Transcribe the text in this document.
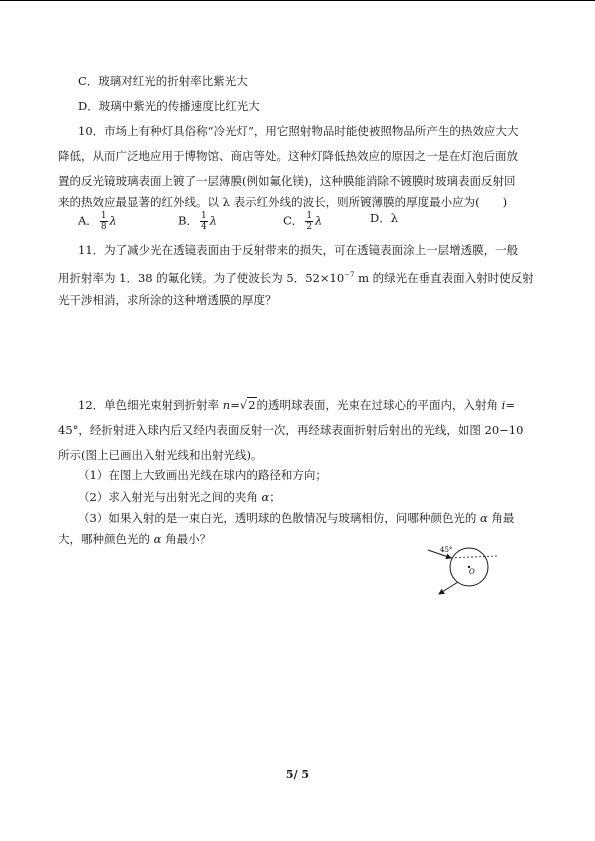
C．玻璃对红光的折射率比紫光大
D．玻璃中紫光的传播速度比红光大
10．市场上有种灯具俗称“冷光灯”，用它照射物品时能使被照物品所产生的热效应大大
降低，从而广泛地应用于博物馆、商店等处。这种灯降低热效应的原因之一是在灯泡后面放
置的反光镜玻璃表面上镀了一层薄膜(例如氟化镁)，这种膜能消除不镀膜时玻璃表面反射回
来的热效应最显著的红外线。以 λ 表示红外线的波长，则所镀薄膜的厚度最小应为(　　)
A． $\frac{1}{8}$ λ	B． $\frac{1}{4}$ λ	C． $\frac{1}{2}$ λ	D．λ
11．为了减少光在透镜表面由于反射带来的损失，可在透镜表面涂上一层增透膜，一般
用折射率为 1．38 的氟化镁。为了使波长为 5．$52\times 10^{-7}$ m 的绿光在垂直表面入射时使反射
光干涉相消，求所涂的这种增透膜的厚度？
12．单色细光束射到折射率 n=√2的透明球表面，光束在过球心的平面内，入射角 i=
45°，经折射进入球内后又经内表面反射一次，再经球表面折射后射出的光线，如图 20−10
所示(图上已画出入射光线和出射光线)。
（1）在图上大致画出光线在球内的路径和方向；
（2）求入射光与出射光之间的夹角 α；
（3）如果入射的是一束白光，透明球的色散情况与玻璃相仿，问哪种颜色光的 α 角最
大，哪种颜色光的 α 角最小？
45°
O
5/ 5
